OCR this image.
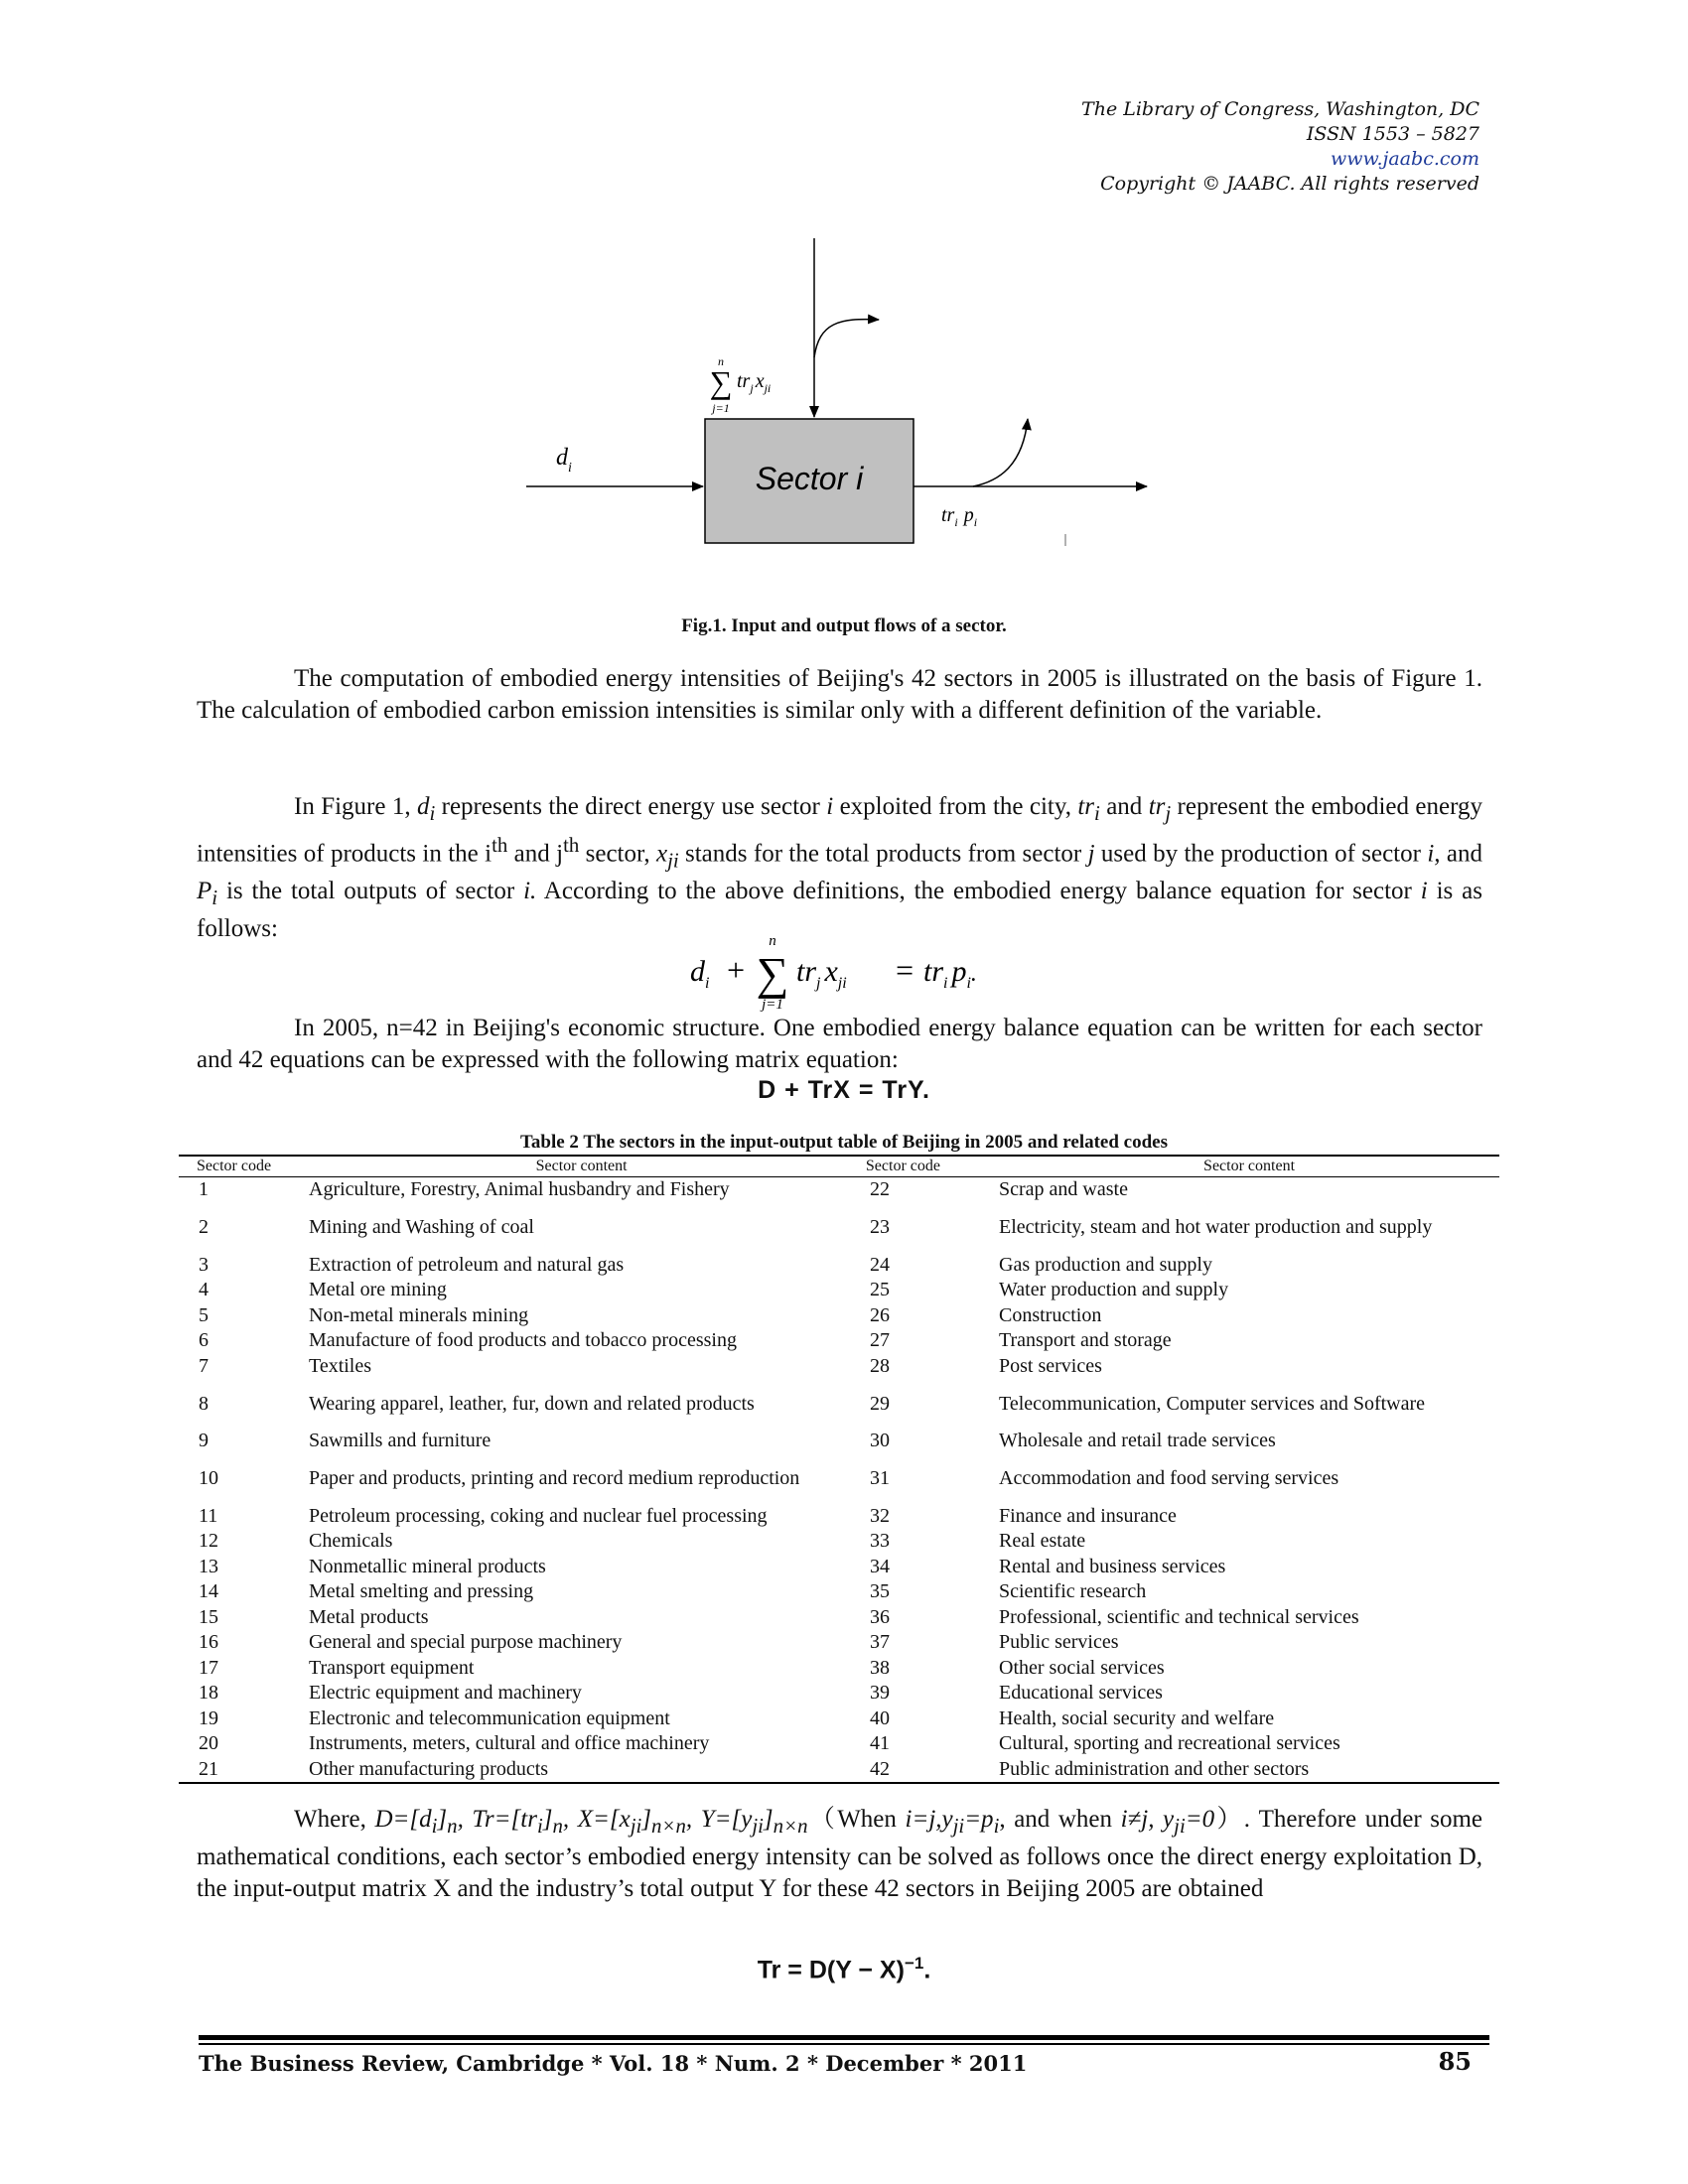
The Library of Congress, Washington, DC
ISSN 1553 – 5827
www.jaabc.com
Copyright © JAABC. All rights reserved
Sector i
n
∑
j=1
$tr_j$ $x_{ji}$
$d_i$
$tr_i$ $p_i$
Fig.1. Input and output flows of a sector.
The computation of embodied energy intensities of Beijing's 42 sectors in 2005 is illustrated on the basis of Figure 1. The calculation of embodied carbon emission intensities is similar only with a different definition of the variable.
In Figure 1, $d_i$ represents the direct energy use sector i exploited from the city, $tr_i$ and $tr_j$ represent the embodied energy intensities of products in the $i^{th}$ and $j^{th}$ sector, $x_{ji}$ stands for the total products from sector j used by the production of sector i, and $P_i$ is the total outputs of sector i. According to the above definitions, the embodied energy balance equation for sector i is as follows:
$d_i$ +
n
∑
j=1
$tr_j$ $x_{ji} = tr_i$ $p_i^.$
In 2005, n=42 in Beijing's economic structure. One embodied energy balance equation can be written for each sector and 42 equations can be expressed with the following matrix equation:
D + TrX = TrY.
Table 2 The sectors in the input-output table of Beijing in 2005 and related codes
Sector code	Sector content	Sector code	Sector content
1	Agriculture, Forestry, Animal husbandry and Fishery	22	Scrap and waste
2	Mining and Washing of coal	23	Electricity, steam and hot water production and supply
3	Extraction of petroleum and natural gas	24	Gas production and supply
4	Metal ore mining	25	Water production and supply
5	Non-metal minerals mining	26	Construction
6	Manufacture of food products and tobacco processing	27	Transport and storage
7	Textiles	28	Post services
8	Wearing apparel, leather, fur, down and related products	29	Telecommunication, Computer services and Software
9	Sawmills and furniture	30	Wholesale and retail trade services
10	Paper and products, printing and record medium reproduction	31	Accommodation and food serving services
11	Petroleum processing, coking and nuclear fuel processing	32	Finance and insurance
12	Chemicals	33	Real estate
13	Nonmetallic mineral products	34	Rental and business services
14	Metal smelting and pressing	35	Scientific research
15	Metal products	36	Professional, scientific and technical services
16	General and special purpose machinery	37	Public services
17	Transport equipment	38	Other social services
18	Electric equipment and machinery	39	Educational services
19	Electronic and telecommunication equipment	40	Health, social security and welfare
20	Instruments, meters, cultural and office machinery	41	Cultural, sporting and recreational services
21	Other manufacturing products	42	Public administration and other sectors
Where, $D=[d_i]_n$, $Tr=[tr_i]_n$, $X=[x_{ji}]_{n\times n}$, $Y=[y_{ji}]_{n\times n}(When$ $i=j,y_{ji}=p_i$, and when i≠j, $y_{ji}=0$）. Therefore under some mathematical conditions, each sector’s embodied energy intensity can be solved as follows once the direct energy exploitation D, the input-output matrix X and the industry’s total output Y for these 42 sectors in Beijing 2005 are obtained
$Tr = D(Y - X)^{-1}$.
The Business Review, Cambridge * Vol. 18 * Num. 2 * December * 2011	85
